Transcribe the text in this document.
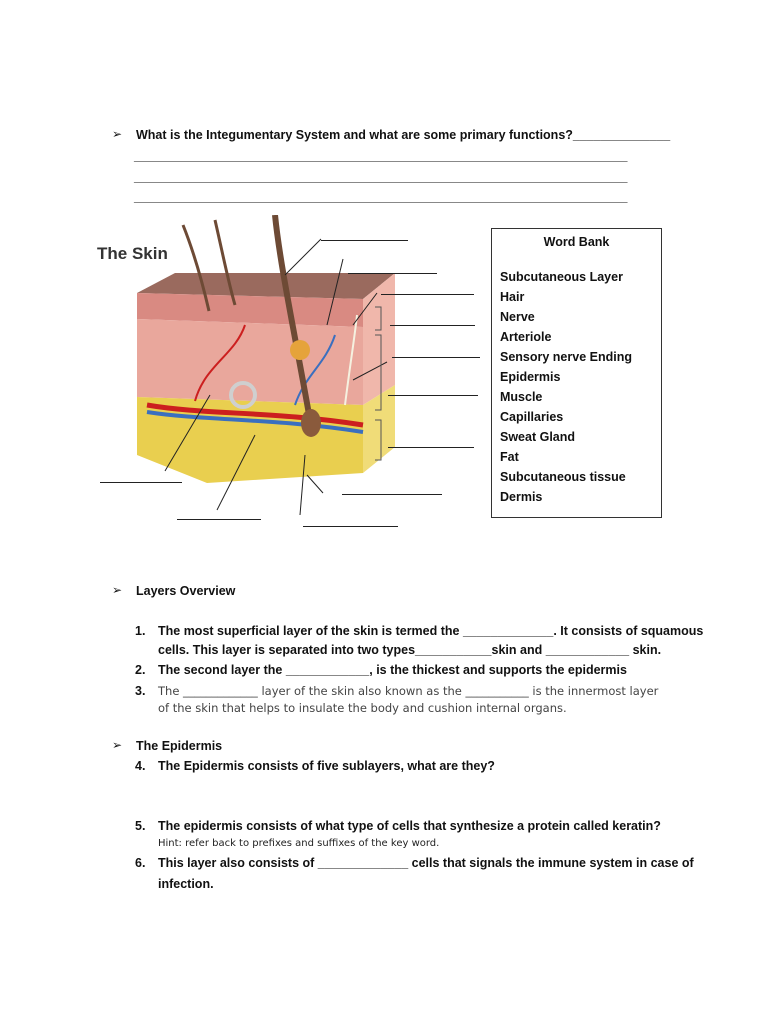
➢ What is the Integumentary System and what are some primary functions?______________
_____________________________________________________________________________
_____________________________________________________________________________
_____________________________________________________________________________
The Skin
Word Bank
Subcutaneous Layer
Hair
Nerve
Arteriole
Sensory nerve Ending
Epidermis
Muscle
Capillaries
Sweat Gland
Fat
Subcutaneous tissue
Dermis
➢ Layers Overview
1.	The most superficial layer of the skin is termed the _____________. It consists of squamous
cells. This layer is separated into two types___________skin and ____________ skin.
2.	The second layer the ____________, is the thickest and supports the epidermis
3.	The _____________ layer of the skin also known as the ___________ is the innermost layer
of the skin that helps to insulate the body and cushion internal organs.
➢ The Epidermis
4.	The Epidermis consists of five sublayers, what are they?
5.	The epidermis consists of what type of cells that synthesize a protein called keratin?
Hint: refer back to prefixes and suffixes of the key word.
6.	This layer also consists of _____________ cells that signals the immune system in case of
infection.
